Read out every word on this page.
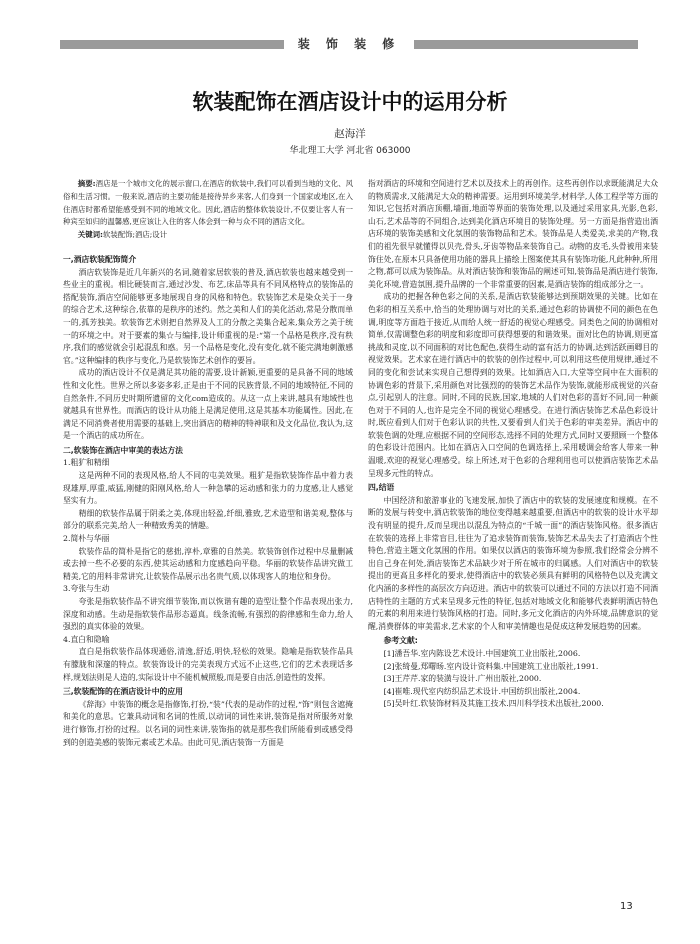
装 饰 装 修
软装配饰在酒店设计中的运用分析
赵海洋
华北理工大学 河北省 063000

摘要:酒店是一个城市文化的展示窗口,在酒店的软装中,我们可以看到当地的文化、风俗和生活习惯。一般来说,酒店的主要功能是接待异乡来客,人们身到一个国家或地区,在入住酒店时都希望能感受到不同的地域文化。因此,酒店的整体软装设计,不仅要让客人有一种宾至如归的温馨感,更应该让入住的客人体会到一种与众不同的酒店文化。

关键词:软装配饰;酒店;设计

一,酒店软装配饰简介

酒店软装饰是近几年新兴的名词,随着家居软装的普及,酒店软装也越来越受到一些业主的重视。相比硬装而言,通过沙发、布艺,床品等具有不同风格特点的装饰品的搭配装饰,酒店空间能够更多地展现自身的风格和特色。软装饰艺术是染众关于一身的综合艺术,这种综合,依靠的是秩序的述约。然之美和人们的美化活动,常是分散而单一的,孤芳独美。软装饰艺术则把自然界及人工的分散之美集合起来,集众芳之美于统一的环境之中。对于要素的集☆与编排,设计师重视的是:“第一个品格是秩序,没有秩序,我们的感觉就会引起混乱和惑。另一个品格是变化,没有变化,就不能完满地刺激感官。”这种编排的秩序与变化,乃是软装饰艺术创作的要旨。

成功的酒店设计不仅是满足其功能的需要,设计新颖,更重要的是具备不同的地域性和文化性。世界之所以多姿多彩,正是由于不同的民族背景,不同的地域特征,不同的自然条件,不同历史时期所遗留的文化com造成的。从这一点上来讲,越具有地域性也就越具有世界性。而酒店的设计从功能上是满足使用,这是其基本功能属性。因此,在满足不同消费者使用需要的基础上,突出酒店的精神的特神联和及文化品位,我认为,这是一个酒店的成功所在。

二,软装饰在酒店中审美的表达方法

1.粗犷和精细

这是两种不同的表现风格,给人不同的屯美效果。粗犷是指软装饰作品中着力表现雄厚,厚重,威猛,刚健的阳刚风格,给人一种急攀的运动感和张力的力度感,让人感觉坚实有力。

精细的软装作品属于阴柔之美,体现出轻盈,纤细,雅致,艺术造型和谐美观,整体与部分的联系完美,给人一种精致秀美的情趣。

2.简朴与华丽

软装作品的简朴是指它的慈拙,淳朴,章雅的自然美。软装饰创作过程中尽量删减或去掉一些不必要的东西,使其运动感和力度感趋向平稳。华丽的软装作品讲究做工精美,它的用料非常讲究,让软装作品展示出名贵气质,以体现客人的地位和身份。

3.夸张与生动

夸张是指软装作品不讲究细节装饰,而以恢谐有趣的造型让整个作品表现出张力,深度和动感。生动是指软装作品形态逼真。线条流畅,有强烈的韵律感和生命力,给人强烈的真实体验的效果。

4.直白和隐喻

直白是指软装作品体现通俗,清逸,舒适,明快,轻松的效果。隐喻是指软装作品具有朦胧和深邃的特点。软装饰设计的完美表现方式远不止这些,它们的艺术表现话多样,规划法则是人造的,实际设计中不能机械照般,而是要自由活,创造性的发挥。

三,软装配饰的在酒店设计中的应用

《辞海》中装饰的概念是指修饰,打扮,“装”代表的是动作的过程,“饰”则包含遮掩和美化的意思。它兼具动词和名词的性质,以动词的词性来讲,装饰是指对所服务对象进行修饰,打扮的过程。以名词的词性来讲,装饰指的就是那些我们所能看到或感受得到的创造美感的装饰元素或艺术品。由此可见,酒店装饰一方面是

指对酒店的环境和空间进行艺术以及技术上的再创作。这些再创作以求既能满足大众的物质需求,又能满足大众的精神需要。运用到环境美学,材料学,人体工程学等方面的知识,它包括对酒店顶棚,墙面,地面等界面的装饰处理,以及通过采用家具,光影,色彩,山石,艺术品等的不同组合,达到美化酒店环境目的装饰处理。另一方面是指营造出酒店环境的装饰美感和文化氛围的装饰物品和艺术。装饰品是人类爱美,求美的产物,我们的祖先很早就懂得以贝壳,骨头,牙齿等物品来装饰自己。动物的皮毛,头骨被用来装饰住处,在原本只具备使用功能的器具上描绘上图案使其具有装饰功能,凡此种种,所用之物,都可以成为装饰品。从对酒店装饰和装饰品的阐述可知,装饰品是酒店进行装饰,美化环境,营造氛围,提升品牌的一个非常重要的因素,是酒店装饰的组成部分之一。

成功的把握各种色彩之间的关系,是酒店软装能够达到预期效果的关键。比如在色彩的相互关系中,恰当的处理协调与对比的关系,通过色彩的协调使不同的颜色在色调,明度等方面趋于接近,从而给人统一舒适的视觉心理感受。同类色之间的协调相对简单,仅需调整色彩的明度和彩度即可获得想要的和谐效果。面对比色的协调,则更富挑战和灵度,以不同面积的对比色配色,获得生动的富有活力的协调,达到活跃画卿目的视觉效果。艺术家在进行酒店中的软装的创作过程中,可以利用这些使用规律,通过不同的变化和尝试来实现自己想得到的效果。比如酒店入口,大堂等空间中在大面积的协调色彩的背景下,采用颜色对比强烈的的装饰艺术品作为装饰,就能形成视觉的兴奋点,引起别人的注意。同时,不同的民族,国家,地域的人们对色彩的喜好不同,同一种颜色对于不同的人,也许是完全不同的视觉心理感受。在进行酒店装饰艺术品色彩设计时,既应看到人们对于色彩认识的共性,又要看到人们关于色彩的审美差异。酒店中的软装色调的处理,应根据不同的空间形态,选择不同的处理方式,同时又要照顾一个整体的色彩设计范围内。比如在酒店入口空间的色调选择上,采用暖调会给客人带来一种温暖,欢迎的视觉心理感受。综上所述,对于色彩的合理利用也可以使酒店装饰艺术品呈现多元性的特点。

四,结语

中国经济和旅游事业的飞速发展,加快了酒店中的软装的发展速度和规模。在不断的发展与转变中,酒店软装饰的地位变得越来越重要,但酒店中的软装的设计水平却没有明显的提升,反而呈现出以混乱为特点的“千城一面”的酒店装饰风格。很多酒店在软装的选择上非常盲目,往往为了追求装饰而装饰,装饰艺术品失去了打造酒店个性特色,营造主题文化氛围的作用。如果仅以酒店的装饰环境为参照,我们经常会分辨不出自己身在何处,酒店装饰艺术品缺少对于所在城市的归属感。人们对酒店中的软装提出的更高且多样化的要求,使得酒店中的软装必须具有鲜明的风格特色以及充满文化内涵的多样性的高层次方向迈进。酒店中的软装可以通过不同的方法以打造不同酒店特性的主题的方式来呈现多元性的特征,包括对地域文化和能够代表鲜明酒店特色的元素的利用来进行装饰风格的打造。同时,多元文化酒店的内外环境,品牌意识的觉醒,消费群体的审美需求,艺术家的个人和审美情趣也是促成这种发展趋势的因素。

参考文献:

[1]潘吾华.室内陈设艺术设计.中国建筑工业出版社,2006.

[2]张绮曼,郑曙旸.室内设计资料集.中国建筑工业出版社,1991.

[3]王芹芹.家的装潢与设计.广州出版社,2000.

[4]崔唯.现代室内纺织品艺术设计.中国纺织出版社,2004.

[5]吴叶红.软装饰材料及其施工技术.四川科学技术出版社,2000.

13
